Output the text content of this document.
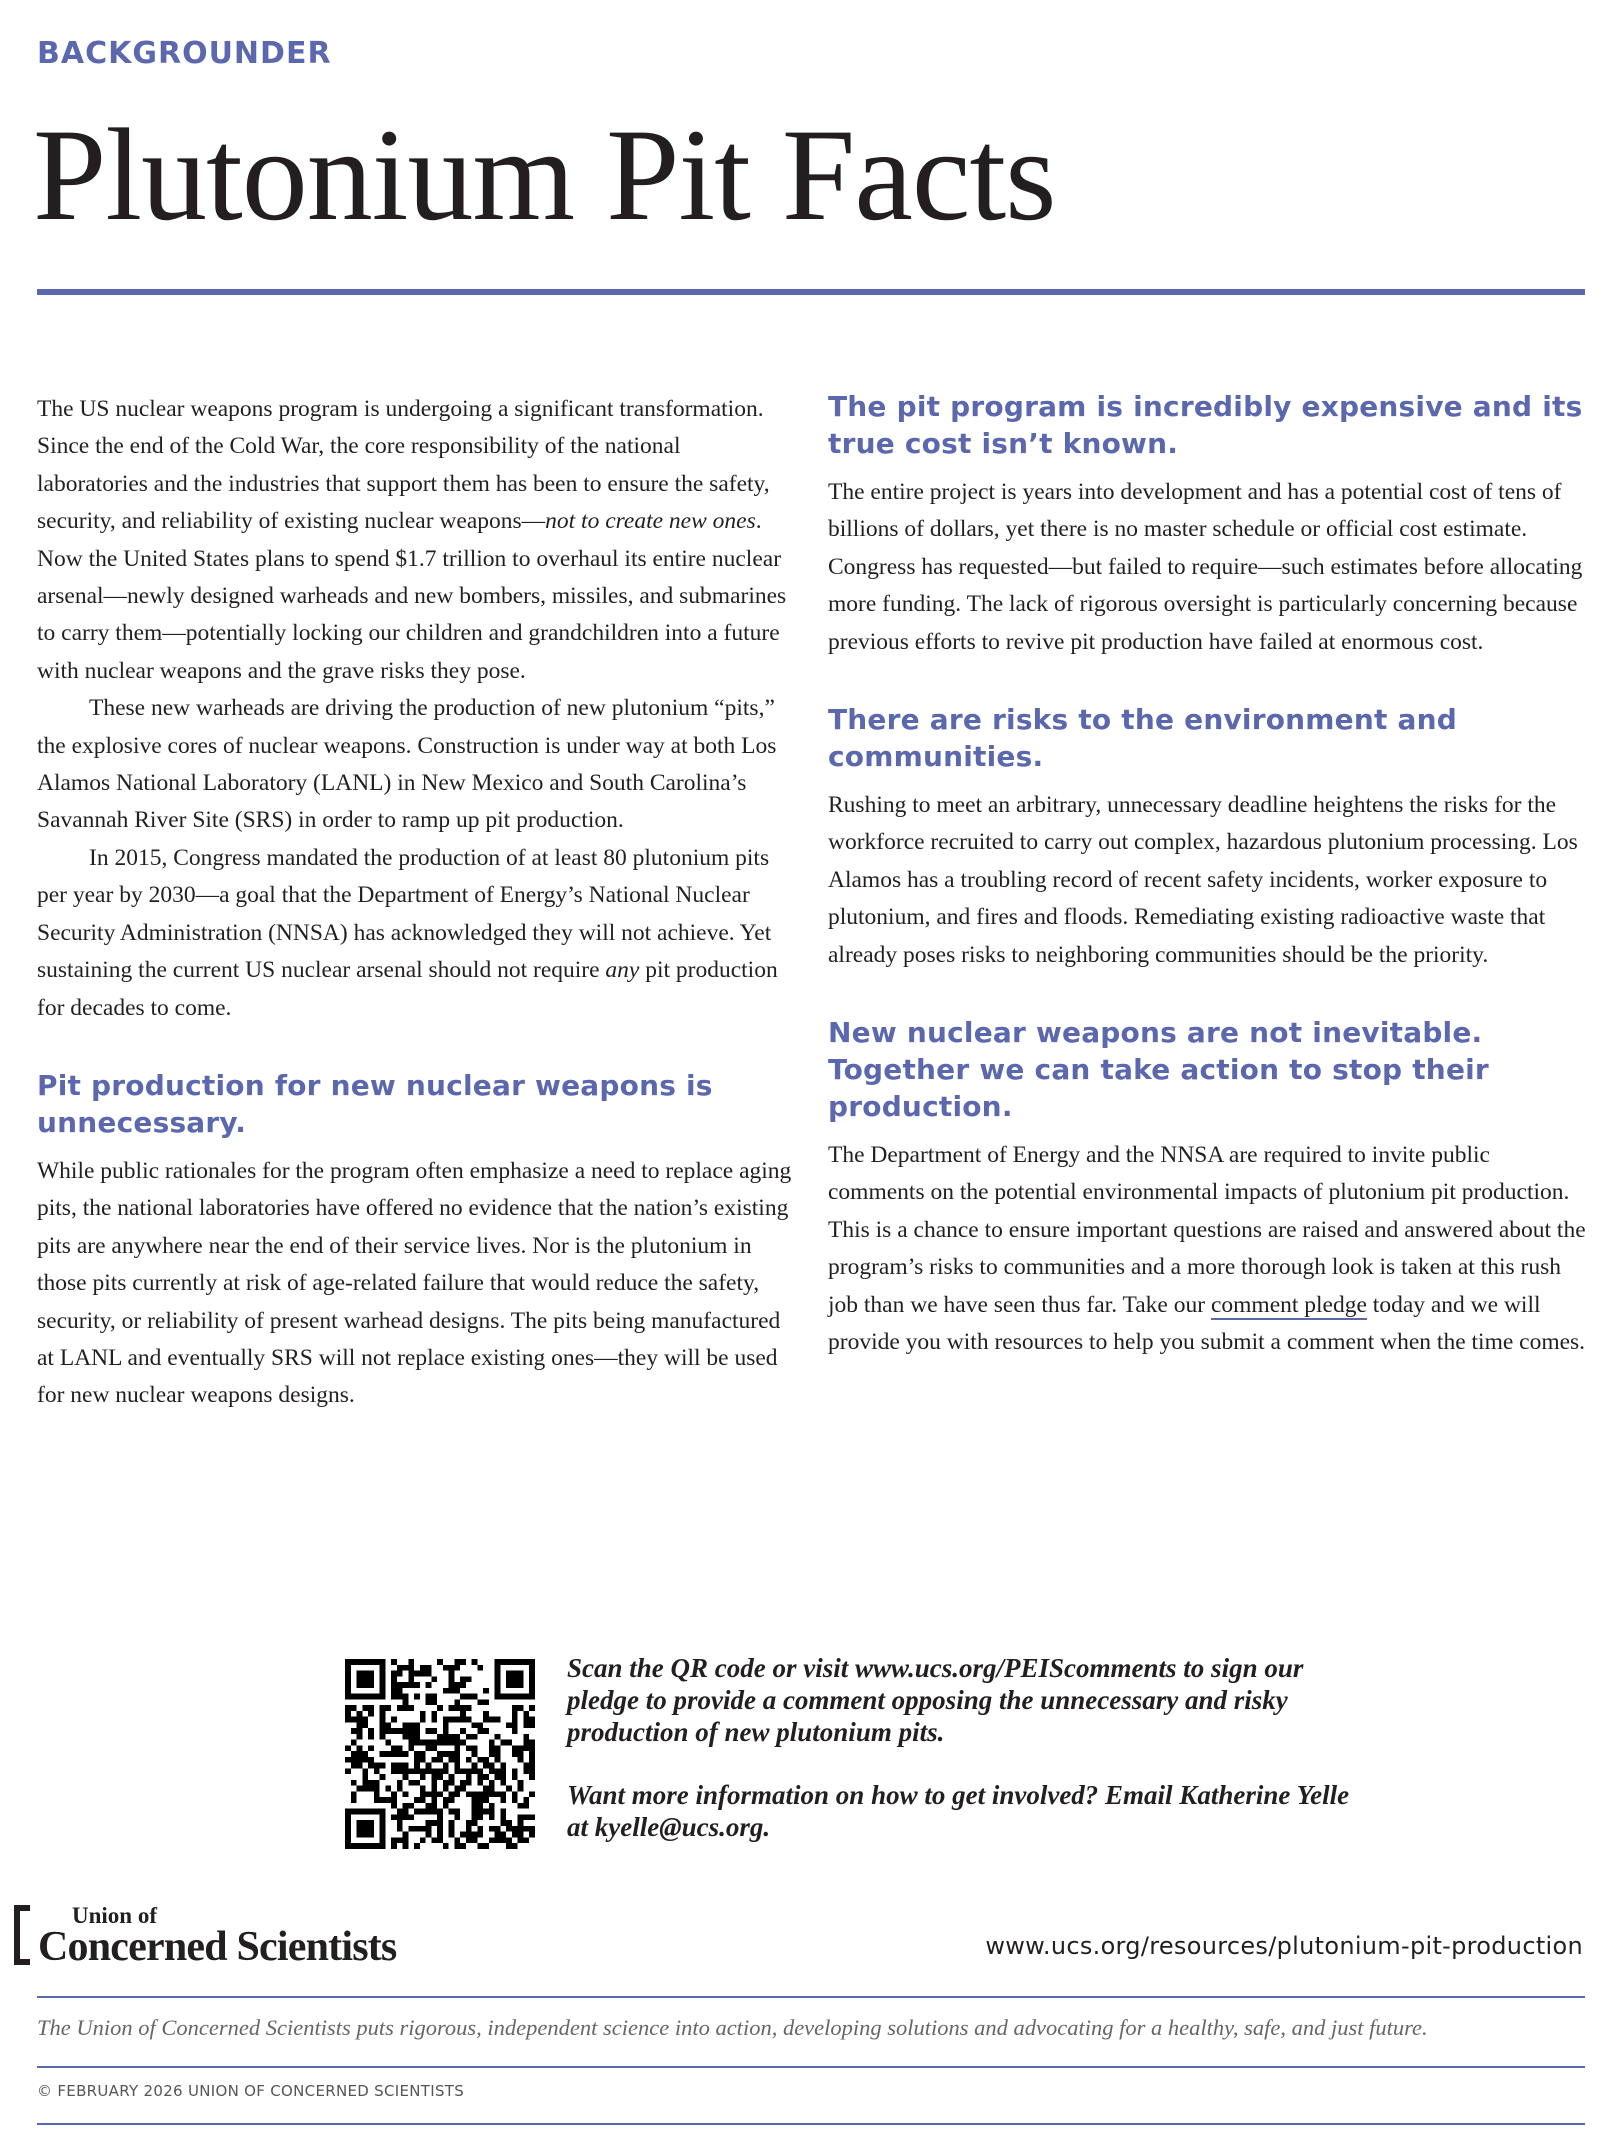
BACKGROUNDER
Plutonium Pit Facts

The US nuclear weapons program is undergoing a significant transformation. Since the end of the Cold War, the core responsibility of the national laboratories and the industries that support them has been to ensure the safety, security, and reliability of existing nuclear weapons—not to create new ones. Now the United States plans to spend $1.7 trillion to overhaul its entire nuclear arsenal—newly designed warheads and new bombers, missiles, and submarines to carry them—potentially locking our children and grandchildren into a future with nuclear weapons and the grave risks they pose.

These new warheads are driving the production of new plutonium “pits,” the explosive cores of nuclear weapons. Construction is under way at both Los Alamos National Laboratory (LANL) in New Mexico and South Carolina’s Savannah River Site (SRS) in order to ramp up pit production.

In 2015, Congress mandated the production of at least 80 plutonium pits per year by 2030—a goal that the Department of Energy’s National Nuclear Security Administration (NNSA) has acknowledged they will not achieve. Yet sustaining the current US nuclear arsenal should not require any pit production for decades to come.

Pit production for new nuclear weapons is unnecessary.

While public rationales for the program often emphasize a need to replace aging pits, the national laboratories have offered no evidence that the nation’s existing pits are anywhere near the end of their service lives. Nor is the plutonium in those pits currently at risk of age-related failure that would reduce the safety, security, or reliability of present warhead designs. The pits being manufactured at LANL and eventually SRS will not replace existing ones—they will be used for new nuclear weapons designs.

The pit program is incredibly expensive and its true cost isn’t known.

The entire project is years into development and has a potential cost of tens of billions of dollars, yet there is no master schedule or official cost estimate. Congress has requested—but failed to require—such estimates before allocating more funding. The lack of rigorous oversight is particularly concerning because previous efforts to revive pit production have failed at enormous cost.

There are risks to the environment and communities.

Rushing to meet an arbitrary, unnecessary deadline heightens the risks for the workforce recruited to carry out complex, hazardous plutonium processing. Los Alamos has a troubling record of recent safety incidents, worker exposure to plutonium, and fires and floods. Remediating existing radioactive waste that already poses risks to neighboring communities should be the priority.

New nuclear weapons are not inevitable. Together we can take action to stop their production.

The Department of Energy and the NNSA are required to invite public comments on the potential environmental impacts of plutonium pit production. This is a chance to ensure important questions are raised and answered about the program’s risks to communities and a more thorough look is taken at this rush job than we have seen thus far. Take our comment pledge today and we will provide you with resources to help you submit a comment when the time comes.

Scan the QR code or visit www.ucs.org/PEIScomments to sign our pledge to provide a comment opposing the unnecessary and risky production of new plutonium pits.

Want more information on how to get involved? Email Katherine Yelle at kyelle@ucs.org.

Union of
Concerned Scientists	www.ucs.org/resources/plutonium-pit-production
The Union of Concerned Scientists puts rigorous, independent science into action, developing solutions and advocating for a healthy, safe, and just future.
© FEBRUARY 2026 UNION OF CONCERNED SCIENTISTS
